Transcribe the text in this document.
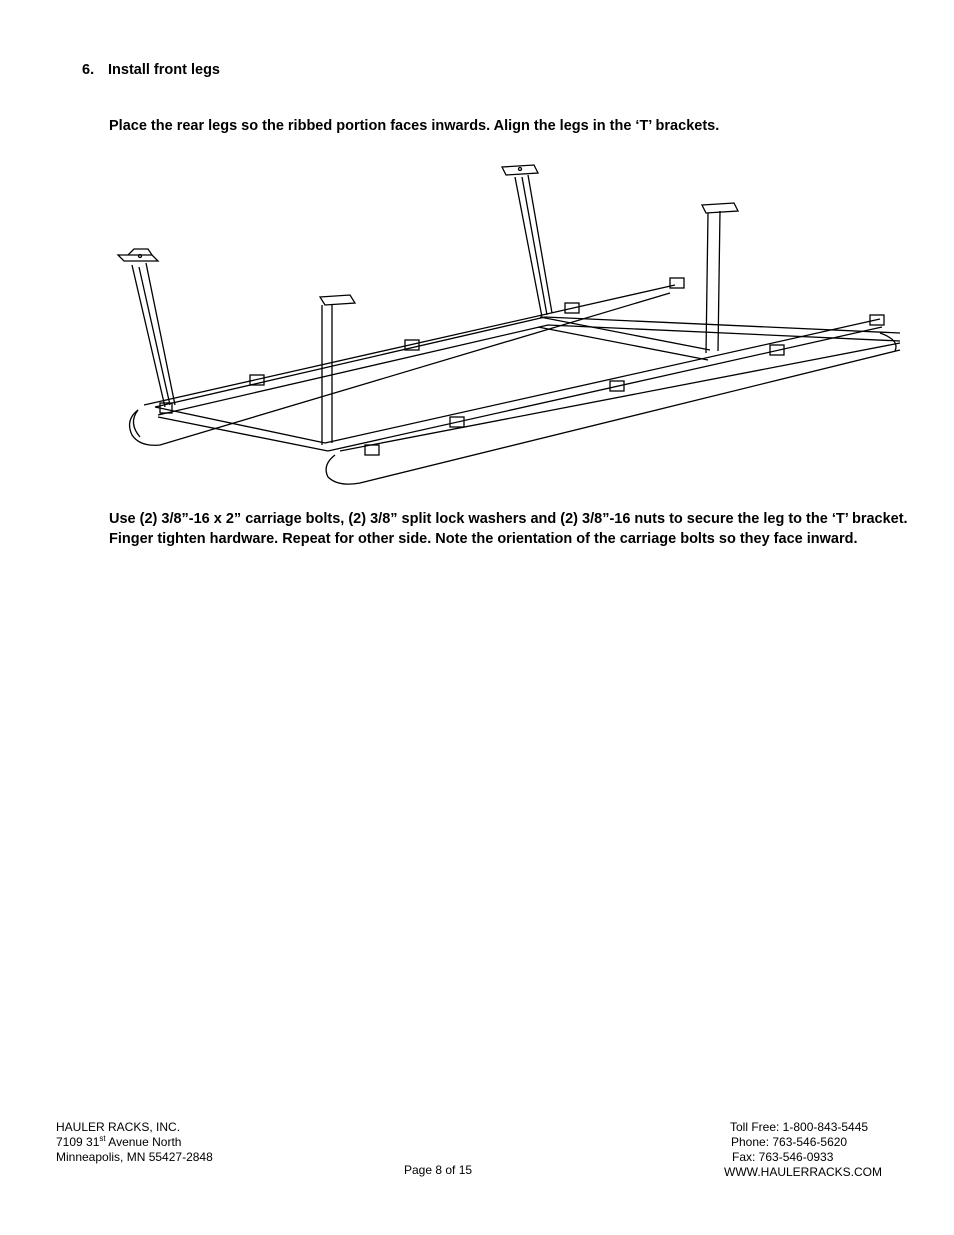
6. Install front legs
Place the rear legs so the ribbed portion faces inwards. Align the legs in the ‘T’ brackets.
Use (2) 3/8”-16 x 2” carriage bolts, (2) 3/8” split lock washers and (2) 3/8”-16 nuts to secure the leg to the ‘T’ bracket. Finger tighten hardware. Repeat for other side. Note the orientation of the carriage bolts so they face inward.
HAULER RACKS, INC.
7109 31st Avenue North
Minneapolis, MN 55427-2848
Page 8 of 15
Toll Free: 1-800-843-5445
Phone: 763-546-5620
Fax: 763-546-0933
WWW.HAULERRACKS.COM
